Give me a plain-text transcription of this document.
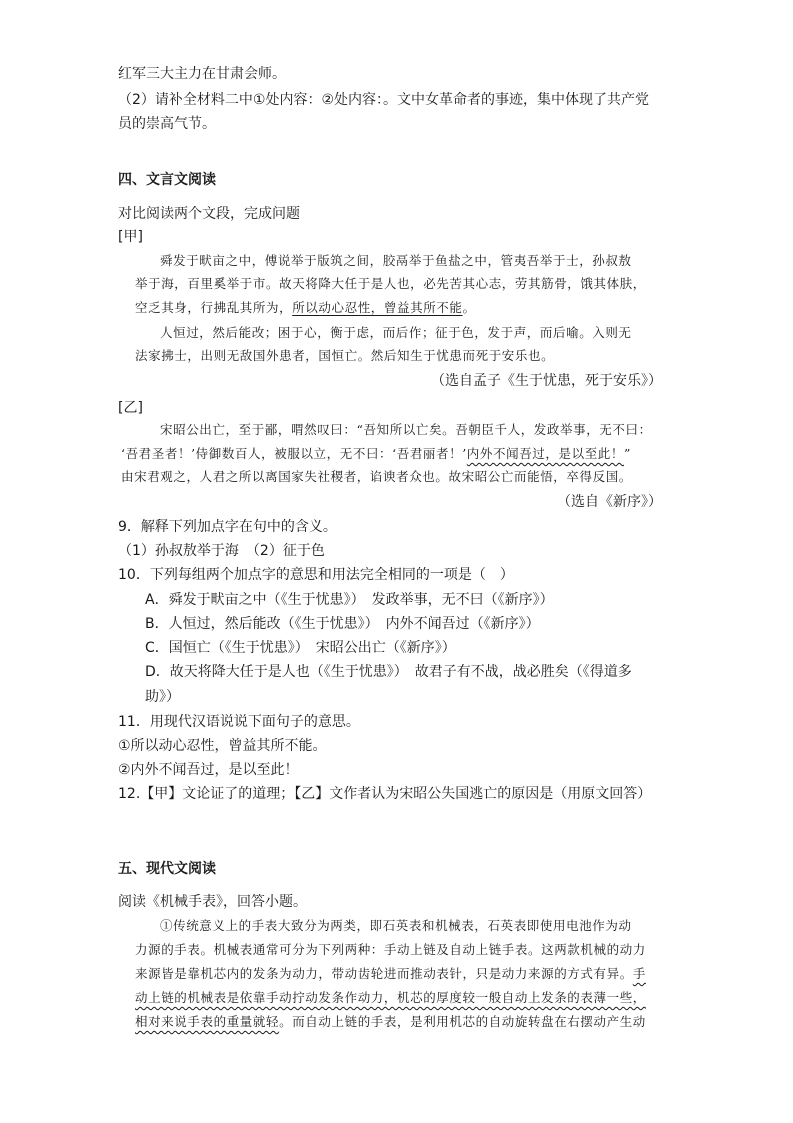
红军三大主力在甘肃会师。
（2）请补全材料二中①处内容：②处内容：。文中女革命者的事迹，集中体现了共产党
员的崇高气节。
四、文言文阅读
对比阅读两个文段，完成问题
[甲]
舜发于畎亩之中，傅说举于版筑之间，胶鬲举于鱼盐之中，管夷吾举于士，孙叔敖
举于海，百里奚举于市。故天将降大任于是人也，必先苦其心志，劳其筋骨，饿其体肤，
空乏其身，行拂乱其所为，所以动心忍性，曾益其所不能。
人恒过，然后能改；困于心，衡于虑，而后作；征于色，发于声，而后喻。入则无
法家拂士，出则无敌国外患者，国恒亡。然后知生于忧患而死于安乐也。
（选自孟子《生于忧患，死于安乐》）
[乙]
宋昭公出亡，至于鄙，喟然叹曰：“吾知所以亡矣。吾朝臣千人，发政举事，无不曰：
‘吾君圣者！’侍御数百人，被服以立，无不曰：‘吾君丽者！’内外不闻吾过，是以至此！”
由宋君观之，人君之所以离国家失社稷者，谄谀者众也。故宋昭公亡而能悟，卒得反国。
（选自《新序》）
9．解释下列加点字在句中的含义。
（1）孙叔敖举于海　（2）征于色
10．下列每组两个加点字的意思和用法完全相同的一项是（　）
A．舜发于畎亩之中（《生于忧患》）　发政举事，无不曰（《新序》）
B．人恒过，然后能改（《生于忧患》）　内外不闻吾过（《新序》）
C．国恒亡（《生于忧患》）　宋昭公出亡（《新序》）
D．故天将降大任于是人也（《生于忧患》）　故君子有不战，战必胜矣（《得道多
助》）
11．用现代汉语说说下面句子的意思。
①所以动心忍性，曾益其所不能。
②内外不闻吾过，是以至此！
12.【甲】文论证了的道理；【乙】文作者认为宋昭公失国逃亡的原因是（用原文回答）
五、现代文阅读
阅读《机械手表》，回答小题。
①传统意义上的手表大致分为两类，即石英表和机械表，石英表即使用电池作为动
力源的手表。机械表通常可分为下列两种：手动上链及自动上链手表。这两款机械的动力
来源皆是靠机芯内的发条为动力，带动齿轮进而推动表针，只是动力来源的方式有异。手
动上链的机械表是依靠手动拧动发条作动力，机芯的厚度较一般自动上发条的表薄一些，
相对来说手表的重量就轻。而自动上链的手表，是利用机芯的自动旋转盘在右摆动产生动
